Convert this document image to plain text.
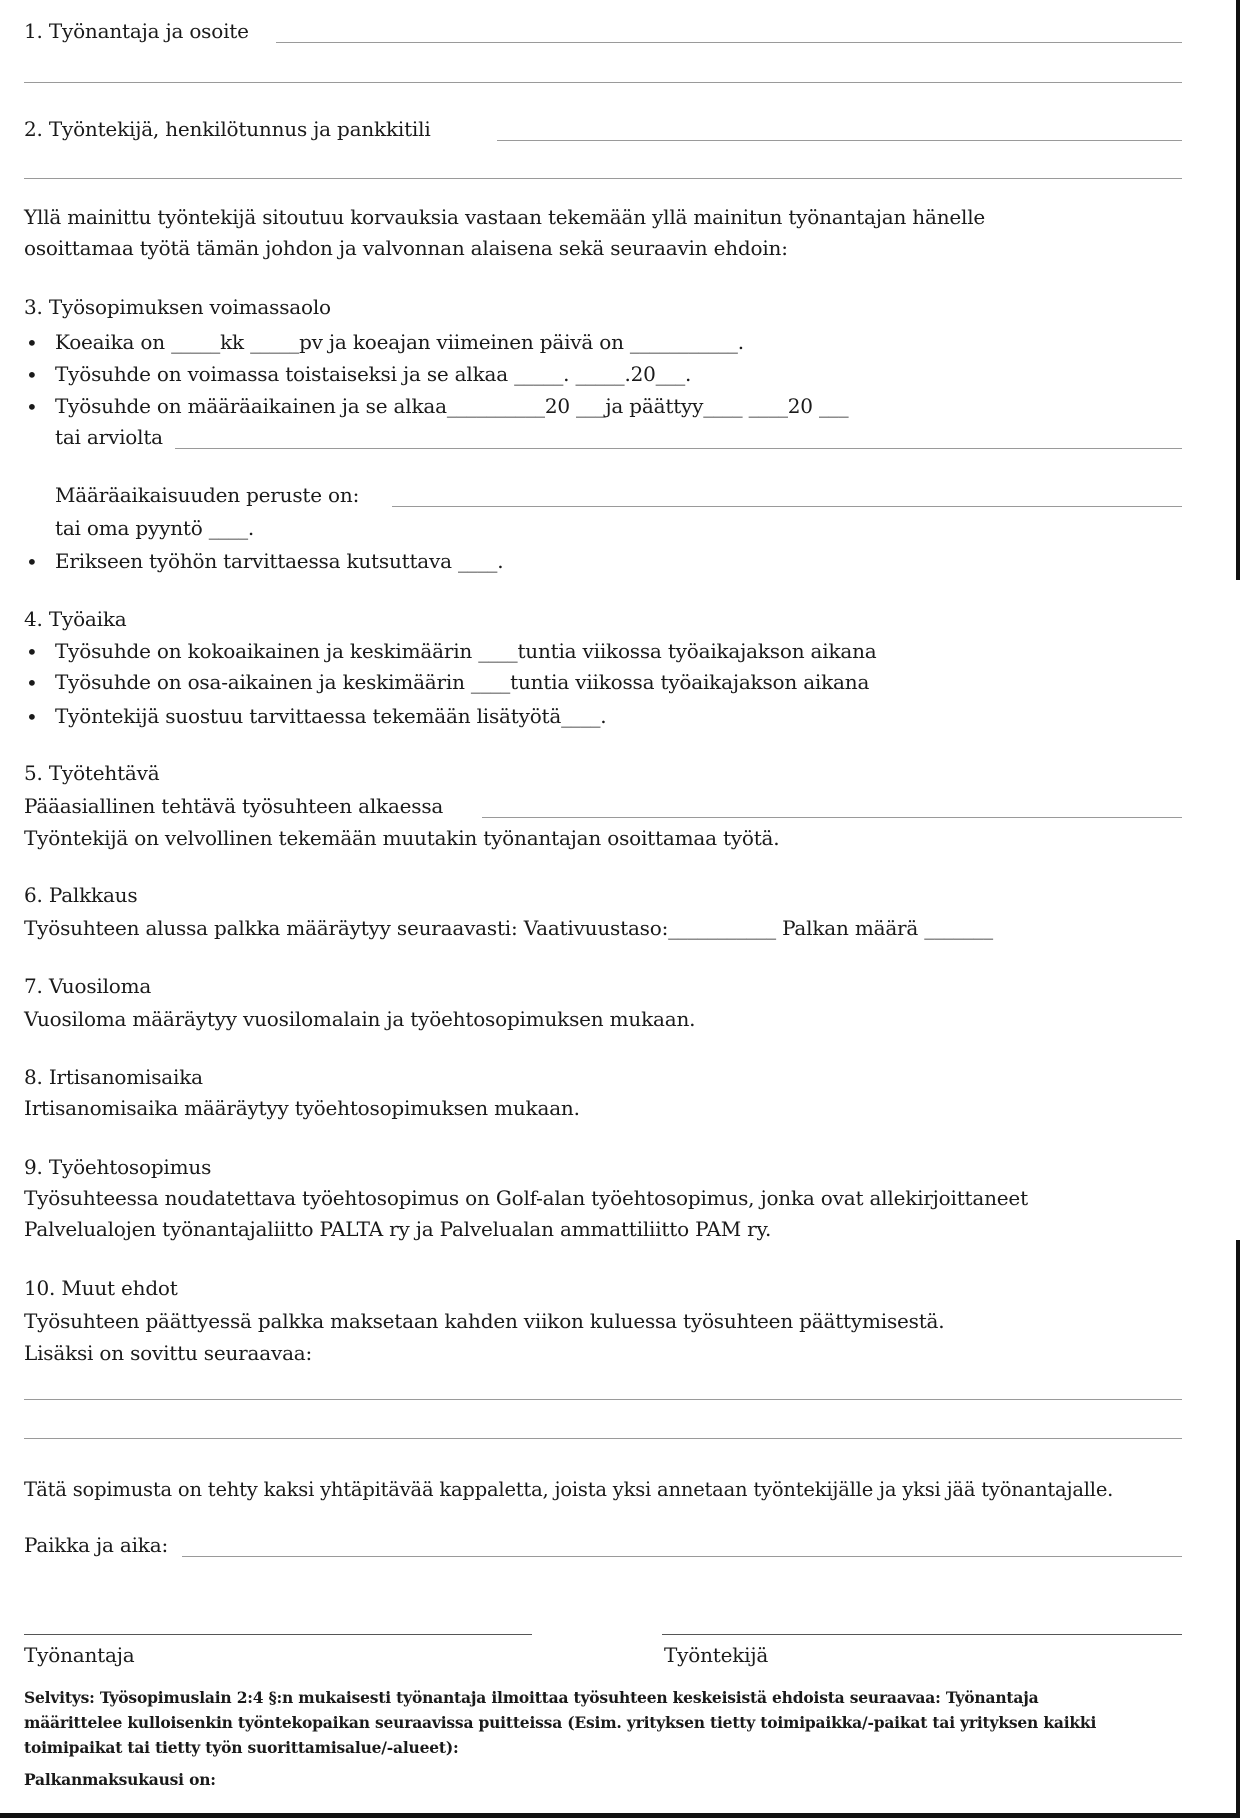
1. Työnantaja ja osoite
2. Työntekijä, henkilötunnus ja pankkitili
Yllä mainittu työntekijä sitoutuu korvauksia vastaan tekemään yllä mainitun työnantajan hänelle
osoittamaa työtä tämän johdon ja valvonnan alaisena sekä seuraavin ehdoin:
3. Työsopimuksen voimassaolo
• Koeaika on _____kk _____pv ja koeajan viimeinen päivä on ___________.
• Työsuhde on voimassa toistaiseksi ja se alkaa _____. _____.20___.
• Työsuhde on määräaikainen ja se alkaa__________20 ___ja päättyy____ ____20 ___
tai arviolta
Määräaikaisuuden peruste on:
tai oma pyyntö ____.
• Erikseen työhön tarvittaessa kutsuttava ____.
4. Työaika
• Työsuhde on kokoaikainen ja keskimäärin ____tuntia viikossa työaikajakson aikana
• Työsuhde on osa-aikainen ja keskimäärin ____tuntia viikossa työaikajakson aikana
• Työntekijä suostuu tarvittaessa tekemään lisätyötä____.
5. Työtehtävä
Pääasiallinen tehtävä työsuhteen alkaessa
Työntekijä on velvollinen tekemään muutakin työnantajan osoittamaa työtä.
6. Palkkaus
Työsuhteen alussa palkka määräytyy seuraavasti: Vaativuustaso:___________ Palkan määrä _______
7. Vuosiloma
Vuosiloma määräytyy vuosilomalain ja työehtosopimuksen mukaan.
8. Irtisanomisaika
Irtisanomisaika määräytyy työehtosopimuksen mukaan.
9. Työehtosopimus
Työsuhteessa noudatettava työehtosopimus on Golf-alan työehtosopimus, jonka ovat allekirjoittaneet
Palvelualojen työnantajaliitto PALTA ry ja Palvelualan ammattiliitto PAM ry.
10. Muut ehdot
Työsuhteen päättyessä palkka maksetaan kahden viikon kuluessa työsuhteen päättymisestä.
Lisäksi on sovittu seuraavaa:
Tätä sopimusta on tehty kaksi yhtäpitävää kappaletta, joista yksi annetaan työntekijälle ja yksi jää työnantajalle.
Paikka ja aika:
Työnantaja	Työntekijä
Selvitys: Työsopimuslain 2:4 §:n mukaisesti työnantaja ilmoittaa työsuhteen keskeisistä ehdoista seuraavaa: Työnantaja
määrittelee kulloisenkin työntekopaikan seuraavissa puitteissa (Esim. yrityksen tietty toimipaikka/-paikat tai yrityksen kaikki
toimipaikat tai tietty työn suorittamisalue/-alueet):
Palkanmaksukausi on:
